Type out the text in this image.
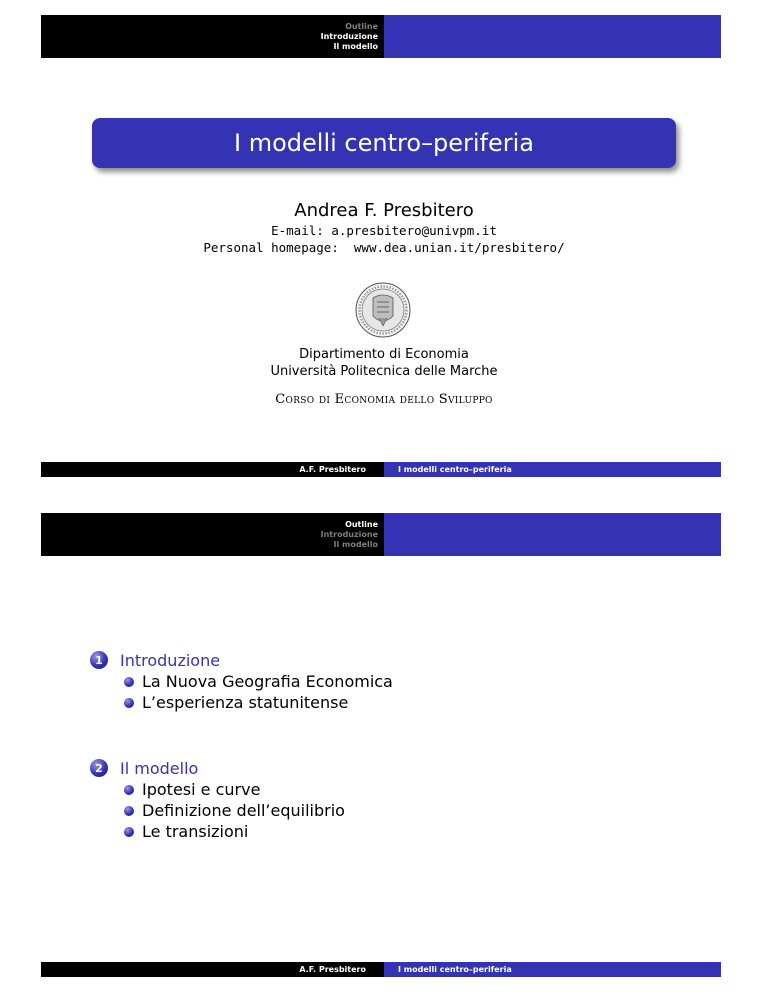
Outline
Introduzione
Il modello
I modelli centro–periferia
Andrea F. Presbitero
E-mail: a.presbitero@univpm.it
Personal homepage:  www.dea.unian.it/presbitero/
Dipartimento di Economia
Università Politecnica delle Marche
Corso di Economia dello Sviluppo
A.F. Presbitero	I modelli centro–periferia
Outline
Introduzione
Il modello
1	Introduzione
La Nuova Geografia Economica
L’esperienza statunitense
2	Il modello
Ipotesi e curve
Definizione dell’equilibrio
Le transizioni
A.F. Presbitero	I modelli centro–periferia
